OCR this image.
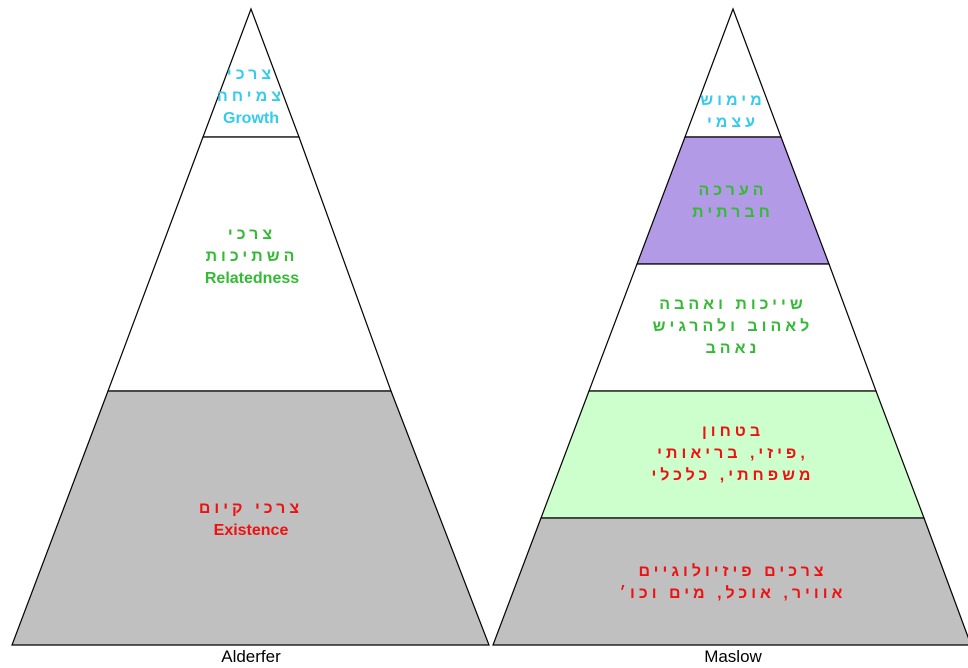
צרכי
צמיחה
Growth
צרכי
השתיכות
Relatedness
צרכי קיום
Existence
מימוש
עצמי
הערכה
חברתית
שייכות ואהבה
לאהוב ולהרגיש
נאהב
בטחון
פיזי, בריאותי,
משפחתי, כלכלי
צרכים פיזיולוגיים
אוויר, אוכל, מים וכו׳
Alderfer	Maslow
